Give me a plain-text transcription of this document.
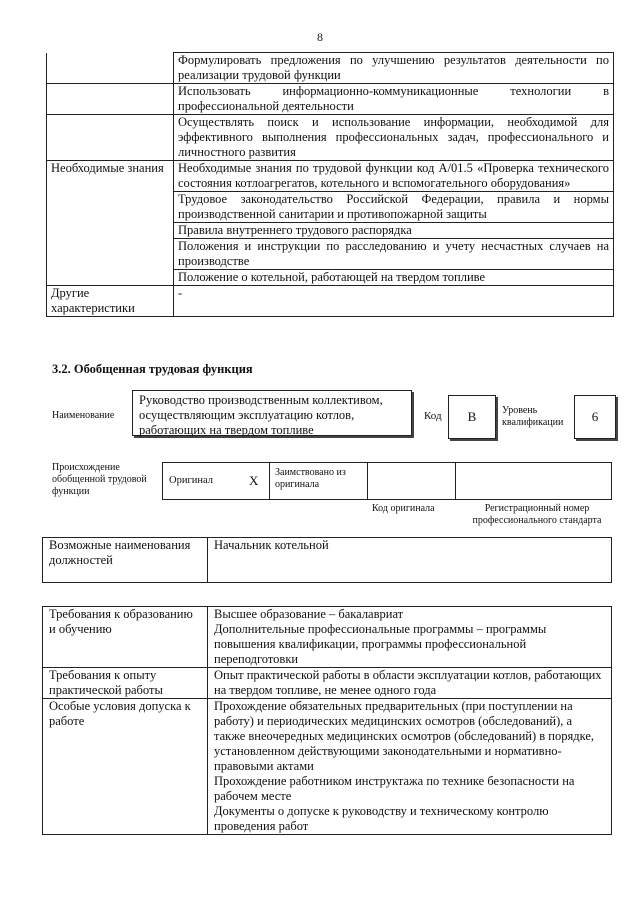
8
	Формулировать предложения по улучшению результатов деятельности по реализации трудовой функции
	Использовать информационно-коммуникационные технологии в профессиональной деятельности
	Осуществлять поиск и использование информации, необходимой для эффективного выполнения профессиональных задач, профессионального и личностного развития
Необходимые знания	Необходимые знания по трудовой функции код А/01.5 «Проверка технического состояния котлоагрегатов, котельного и вспомогательного оборудования»
	Трудовое законодательство Российской Федерации, правила и нормы производственной санитарии и противопожарной защиты
	Правила внутреннего трудового распорядка
	Положения и инструкции по расследованию и учету несчастных случаев на производстве
	Положение о котельной, работающей на твердом топливе
Другие характеристики	-
3.2. Обобщенная трудовая функция
Наименование
Руководство производственным коллективом, осуществляющим эксплуатацию котлов, работающих на твердом топливе
Код B	Уровень квалификации	6
Происхождение обобщенной трудовой функции
Оригинал	X
Заимствовано из оригинала
Код оригинала	Регистрационный номер профессионального стандарта
Возможные наименования должностей	Начальник котельной
Требования к образованию и обучению	Высшее образование – бакалавриат
Дополнительные профессиональные программы – программы повышения квалификации, программы профессиональной переподготовки

Требования к опыту практической работы	Опыт практической работы в области эксплуатации котлов, работающих на твердом топливе, не менее одного года

Особые условия допуска к работе	Прохождение обязательных предварительных (при поступлении на работу) и периодических медицинских осмотров (обследований), а также внеочередных медицинских осмотров (обследований) в порядке, установленном действующими законодательными и нормативно-правовыми актами
Прохождение работником инструктажа по технике безопасности на рабочем месте
Документы о допуске к руководству и техническому контролю проведения работ
